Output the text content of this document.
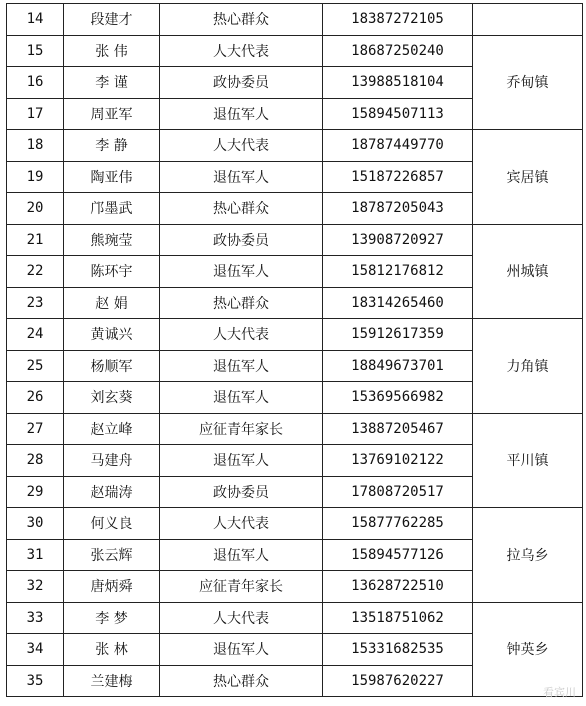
14	段建才	热心群众	18387272105	
15	张 伟	人大代表	18687250240	乔甸镇
16	李 谨	政协委员	13988518104	
17	周亚军	退伍军人	15894507113	
18	李 静	人大代表	18787449770	宾居镇
19	陶亚伟	退伍军人	15187226857	
20	邝墨武	热心群众	18787205043	
21	熊琬莹	政协委员	13908720927	州城镇
22	陈环宇	退伍军人	15812176812	
23	赵 娟	热心群众	18314265460	
24	黄诚兴	人大代表	15912617359	力角镇
25	杨顺军	退伍军人	18849673701	
26	刘玄葵	退伍军人	15369566982	
27	赵立峰	应征青年家长	13887205467	平川镇
28	马建舟	退伍军人	13769102122	
29	赵瑞涛	政协委员	17808720517	
30	何义良	人大代表	15877762285	拉乌乡
31	张云辉	退伍军人	15894577126	
32	唐炳舜	应征青年家长	13628722510	
33	李 梦	人大代表	13518751062	钟英乡
34	张 林	退伍军人	15331682535	
35	兰建梅	热心群众	15987620227	
看宾川
